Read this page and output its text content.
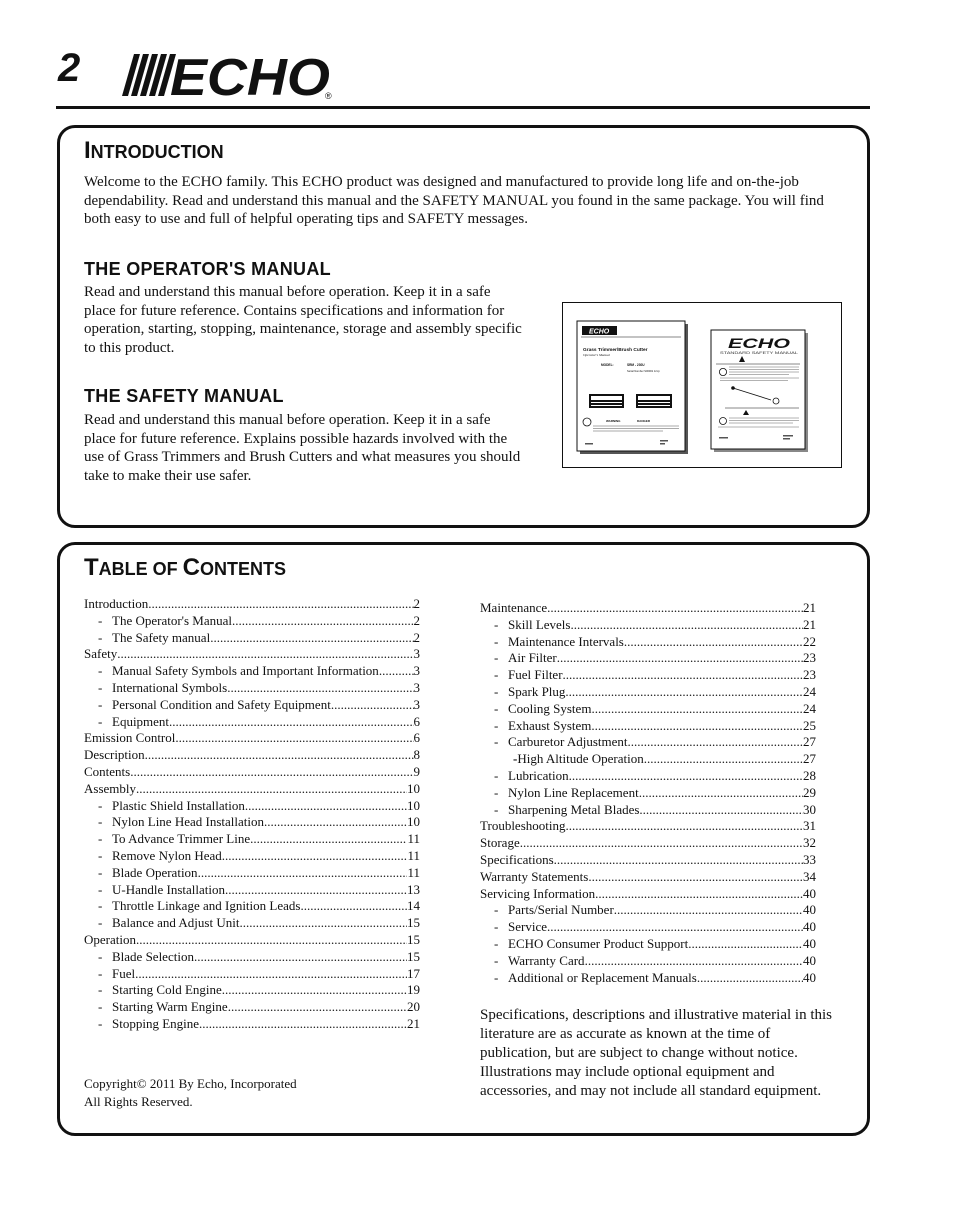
2 ECHO
®
INTRODUCTION
Welcome to the ECHO family. This ECHO product was designed and manufactured to provide long life and on-the-job dependability. Read and understand this manual and the SAFETY MANUAL you found in the same package. You will find both easy to use and full of helpful operating tips and SAFETY messages.
THE OPERATOR'S MANUAL
Read and understand this manual before operation. Keep it in a safe place for future reference. Contains specifications and information for operation, starting, stopping, maintenance, storage and assembly specific to this product.
THE SAFETY MANUAL
Read and understand this manual before operation. Keep it in a safe place for future reference. Explains possible hazards involved with the use of Grass Trimmers and Brush Cutters and what measures you should take to make their use safer.
ECHO
Grass Trimmer/Brush Cutter
Operator's Manual
MODEL:	SRM - 230U
Serial Number S00001 & Up
WARNING	DANGER
ECHO
STANDARD SAFETY MANUAL
TABLE OF CONTENTS
Introduction .....	2
- The Operator's Manual .....	2
- The Safety manual .....	2
Safety .....	3
- Manual Safety Symbols and Important Information .....	3
- International Symbols .....	3
- Personal Condition and Safety Equipment .....	3
- Equipment .....	6
Emission Control .....	6
Description .....	8
Contents .....	9
Assembly .....	10
- Plastic Shield Installation .....	10
- Nylon Line Head Installation .....	10
- To Advance Trimmer Line .....	11
- Remove Nylon Head .....	11
- Blade Operation .....	11
- U-Handle Installation .....	13
- Throttle Linkage and Ignition Leads .....	14
- Balance and Adjust Unit .....	15
Operation .....	15
- Blade Selection .....	15
- Fuel .....	17
- Starting Cold Engine .....	19
- Starting Warm Engine .....	20
- Stopping Engine .....	21
Maintenance .....	21
- Skill Levels .....	21
- Maintenance Intervals .....	22
- Air Filter .....	23
- Fuel Filter .....	23
- Spark Plug .....	24
- Cooling System .....	24
- Exhaust System .....	25
- Carburetor Adjustment .....	27
- High Altitude Operation .....	27
- Lubrication .....	28
- Nylon Line Replacement .....	29
- Sharpening Metal Blades .....	30
Troubleshooting .....	31
Storage .....	32
Specifications .....	33
Warranty Statements .....	34
Servicing Information .....	40
- Parts/Serial Number .....	40
- Service .....	40
- ECHO Consumer Product Support .....	40
- Warranty Card .....	40
- Additional or Replacement Manuals .....	40
Copyright© 2011 By Echo, Incorporated
All Rights Reserved.
Specifications, descriptions and illustrative material in this literature are as accurate as known at the time of publication, but are subject to change without notice. Illustrations may include optional equipment and accessories, and may not include all standard equipment.
